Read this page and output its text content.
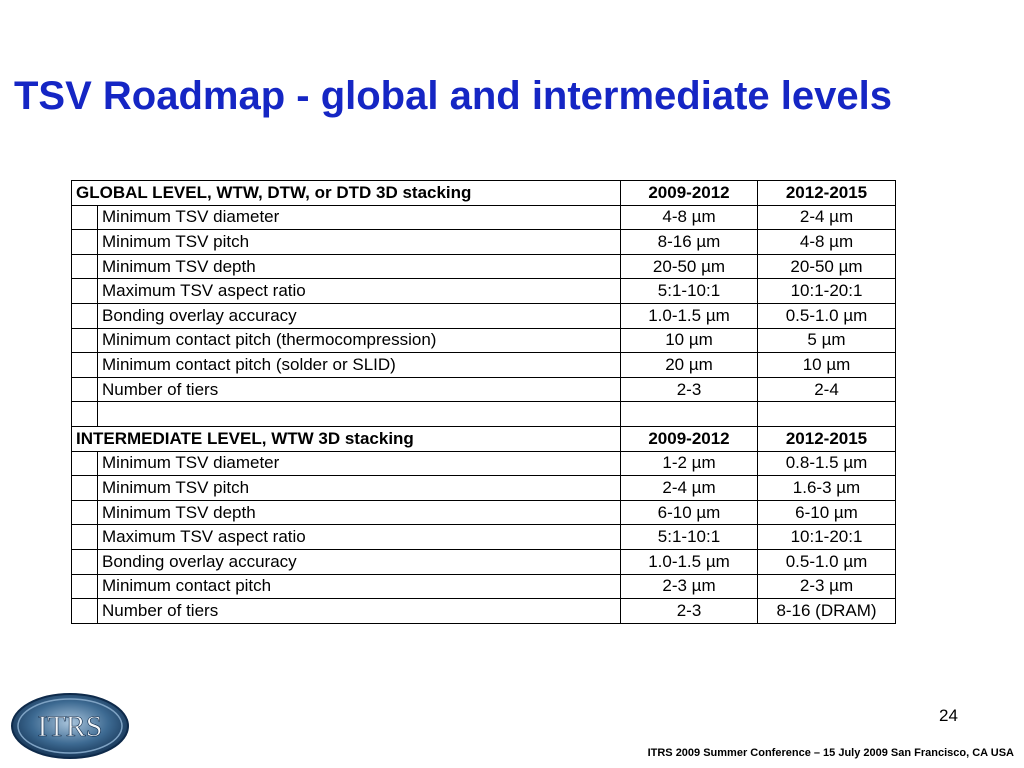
TSV Roadmap - global and intermediate levels
GLOBAL LEVEL, WTW, DTW, or DTD 3D stacking		2009-2012	2012-2015
	Minimum TSV diameter	4-8 µm	2-4 µm
	Minimum TSV pitch	8-16 µm	4-8 µm
	Minimum TSV depth	20-50 µm	20-50 µm
	Maximum TSV aspect ratio	5:1-10:1	10:1-20:1
	Bonding overlay accuracy	1.0-1.5 µm	0.5-1.0 µm
	Minimum contact pitch (thermocompression)	10 µm	5 µm
	Minimum contact pitch (solder or SLID)	20 µm	10 µm
	Number of tiers	2-3	2-4

INTERMEDIATE LEVEL, WTW 3D stacking		2009-2012	2012-2015
	Minimum TSV diameter	1-2 µm	0.8-1.5 µm
	Minimum TSV pitch	2-4 µm	1.6-3 µm
	Minimum TSV depth	6-10 µm	6-10 µm
	Maximum TSV aspect ratio	5:1-10:1	10:1-20:1
	Bonding overlay accuracy	1.0-1.5 µm	0.5-1.0 µm
	Minimum contact pitch	2-3 µm	2-3 µm
	Number of tiers	2-3	8-16 (DRAM)
ITRS	24
ITRS 2009 Summer Conference – 15 July 2009 San Francisco, CA USA
